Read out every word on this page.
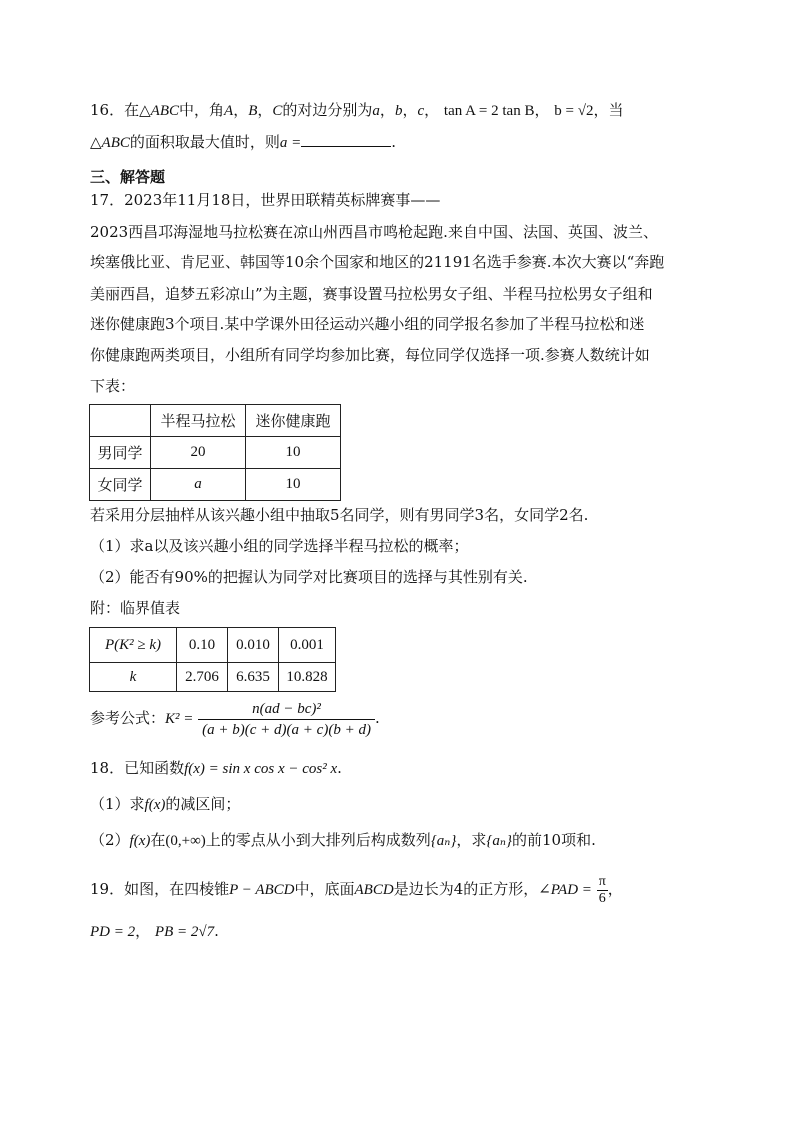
16．在△ABC中，角A，B，C的对边分别为a，b，c， tan A = 2 tan B， b = √2，当
△ABC的面积取最大值时，则a =	.
三、解答题
17．2023年11月18日，世界田联精英标牌赛事——
2023西昌邛海湿地马拉松赛在凉山州西昌市鸣枪起跑.来自中国、法国、英国、波兰、
埃塞俄比亚、肯尼亚、韩国等10余个国家和地区的21191名选手参赛.本次大赛以“奔跑
美丽西昌，追梦五彩凉山”为主题，赛事设置马拉松男女子组、半程马拉松男女子组和
迷你健康跑3个项目.某中学课外田径运动兴趣小组的同学报名参加了半程马拉松和迷
你健康跑两类项目，小组所有同学均参加比赛，每位同学仅选择一项.参赛人数统计如
下表：
	半程马拉松	迷你健康跑
男同学	20	10
女同学	a	10
若采用分层抽样从该兴趣小组中抽取5名同学，则有男同学3名，女同学2名.
（1）求a以及该兴趣小组的同学选择半程马拉松的概率；
（2）能否有90%的把握认为同学对比赛项目的选择与其性别有关.
附：临界值表
P(K² ≥ k)	0.10	0.010	0.001
k	2.706	6.635	10.828
参考公式：$K^2 = \frac{\text{n(ad − bc)²}}{(a + b)(c + d)(a + c)(b + d)}$ .
18．已知函数f(x) = sin x cos x − cos² x.
（1）求f(x)的减区间；
（2）f(x)在(0,+∞)上的零点从小到大排列后构成数列{aₙ}，求{aₙ}的前10项和.
19．如图，在四棱锥P − ABCD中，底面ABCD是边长为4的正方形，∠PAD = $\frac{\pi}{6}$ ，
PD = 2， PB = 2√7.
